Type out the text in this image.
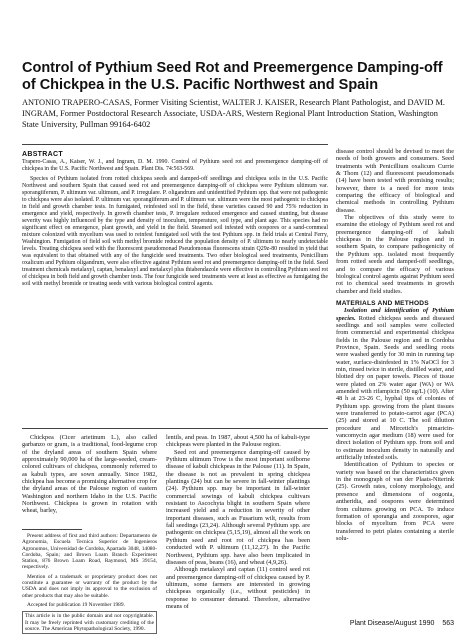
Control of Pythium Seed Rot and Preemergence Damping-off of Chickpea in the U.S. Pacific Northwest and Spain

ANTONIO TRAPERO-CASAS, Former Visiting Scientist, WALTER J. KAISER, Research Plant Pathologist, and DAVID M. INGRAM, Former Postdoctoral Research Associate, USDA-ARS, Western Regional Plant Introduction Station, Washington State University, Pullman 99164-6402

ABSTRACT

Trapero-Casas, A., Kaiser, W. J., and Ingram, D. M. 1990. Control of Pythium seed rot and preemergence damping-off of chickpea in the U.S. Pacific Northwest and Spain. Plant Dis. 74:563-569.

Species of Pythium isolated from rotted chickpea seeds and damped-off seedlings and chickpea soils in the U.S. Pacific Northwest and southern Spain that caused seed rot and preemergence damping-off of chickpea were Pythium ultimum var. sporangiiferum, P. ultimum var. ultimum, and P. irregulare. P. oligandrum and unidentified Pythium spp. that were not pathogenic to chickpea were also isolated. P. ultimum var. sporangiiferum and P. ultimum var. ultimum were the most pathogenic to chickpea in field and growth chamber tests. In fumigated, reinfested soil in the field, these varieties caused 90 and 75% reduction in emergence and yield, respectively. In growth chamber tests, P. irregulare reduced emergence and caused stunting, but disease severity was highly influenced by the type and density of inoculum, temperature, soil type, and plant age. This species had no significant effect on emergence, plant growth, and yield in the field. Steamed soil infested with oospores or a sand-cornmeal mixture colonized with mycelium was used to reinfest fumigated soil with the test Pythium spp. in field trials at Central Ferry, Washington. Fumigation of field soil with methyl bromide reduced the population density of P. ultimum to nearly undetectable levels. Treating chickpea seed with the fluorescent pseudomonad Pseudomonas fluorescens strain Q29z-80 resulted in yield that was equivalent to that obtained with any of the fungicide seed treatments. Two other biological seed treatments, Penicillium oxalicum and Pythium oligandrum, were also effective against Pythium seed rot and preemergence damping-off in the field. Seed treatment chemicals metalaxyl, captan, benalaxyl and metalaxyl plus thiabendazole were effective in controlling Pythium seed rot of chickpea in both field and growth chamber tests. The four fungicide seed treatments were at least as effective as fumigating the soil with methyl bromide or treating seeds with various biological control agents.

Chickpea (Cicer arietinum L.), also called garbanzo or gram, is a traditional, food-legume crop of the dryland areas of southern Spain where approximately 90,000 ha of the large-seeded, cream-colored cultivars of chickpea, commonly referred to as kabuli types, are sown annually. Since 1982, chickpea has become a promising alternative crop for the dryland areas of the Palouse region of eastern Washington and northern Idaho in the U.S. Pacific Northwest. Chickpea is grown in rotation with wheat, barley,

Present address of first and third authors: Departamento de Agronomia, Escuela Tecnica Superior de Ingenieros Agronomos, Universidad de Cordoba, Apartado 3048, 14080-Cordoba, Spain; and Brown Loam Branch Experiment Station, 876 Brown Loam Road, Raymond, MS 39154, respectively.

Mention of a trademark or proprietary product does not constitute a guarantee or warranty of the product by the USDA and does not imply its approval to the exclusion of other products that may also be suitable.

Accepted for publication 19 November 1989.

This article is in the public domain and not copyrightable. It may be freely reprinted with customary crediting of the source. The American Phytopathological Society, 1990.

lentils, and peas. In 1987, about 4,500 ha of kabuli-type chickpeas were planted in the Palouse region.

Seed rot and preemergence damping-off caused by Pythium ultimum Trow is the most important soilborne disease of kabuli chickpeas in the Palouse (11). In Spain, the disease is not as prevalent in spring chickpea plantings (24) but can be severe in fall-winter plantings (24). Pythium spp. may be important in fall-winter commercial sowings of kabuli chickpea cultivars resistant to Ascochyta blight in southern Spain where increased yield and a reduction in severity of other important diseases, such as Fusarium wilt, results from fall seedings (23,24). Although several Pythium spp. are pathogenic on chickpea (5,15,19), almost all the work on Pythium seed and root rot of chickpea has been conducted with P. ultimum (11,12,27). In the Pacific Northwest, Pythium spp. have also been implicated in diseases of peas, beans (16), and wheat (4,9,26).

Although metalaxyl and captan (11) control seed rot and preemergence damping-off of chickpea caused by P. ultimum, some farmers are interested in growing chickpeas organically (i.e., without pesticides) in response to consumer demand. Therefore, alternative means of

disease control should be devised to meet the needs of both growers and consumers. Seed treatments with Penicillium oxalicum Currie & Thom (12) and fluorescent pseudomonads (14) have been tested with promising results; however, there is a need for more tests comparing the efficacy of biological and chemical methods in controlling Pythium disease.

The objectives of this study were to examine the etiology of Pythium seed rot and preemergence damping-off of kabuli chickpeas in the Palouse region and in southern Spain, to compare pathogenicity of the Pythium spp. isolated most frequently from rotted seeds and damped-off seedlings, and to compare the efficacy of various biological control agents against Pythium seed rot to chemical seed treatments in growth chamber and field studies.

MATERIALS AND METHODS

Isolation and identification of Pythium species. Rotted chickpea seeds and diseased seedlings and soil samples were collected from commercial and experimental chickpea fields in the Palouse region and in Cordoba Province, Spain. Seeds and seedling roots were washed gently for 30 min in running tap water, surface-disinfested in 1% NaOCl for 3 min, rinsed twice in sterile, distilled water, and blotted dry on paper towels. Pieces of tissue were plated on 2% water agar (WA) or WA amended with rifampicin (50 ug/L) (10). After 48 h at 23-26 C, hyphal tips of colonies of Pythium spp. growing from the plant tissues were transferred to potato-carrot agar (PCA) (25) and stored at 10 C. The soil dilution procedure and Mircetich's pimaricin-vancomycin agar medium (18) were used for direct isolation of Pythium spp. from soil and to estimate inoculum density in naturally and artificially infested soils.

Identification of Pythium to species or variety was based on the characteristics given in the monograph of van der Plaats-Niterink (25). Growth rates, colony morphology, and presence and dimensions of oogonia, antheridia, and oospores were determined from cultures growing on PCA. To induce formation of sporangia and zoospores, agar blocks of mycelium from PCA were transferred to petri plates containing a sterile solu-

Plant Disease/August 1990 563
